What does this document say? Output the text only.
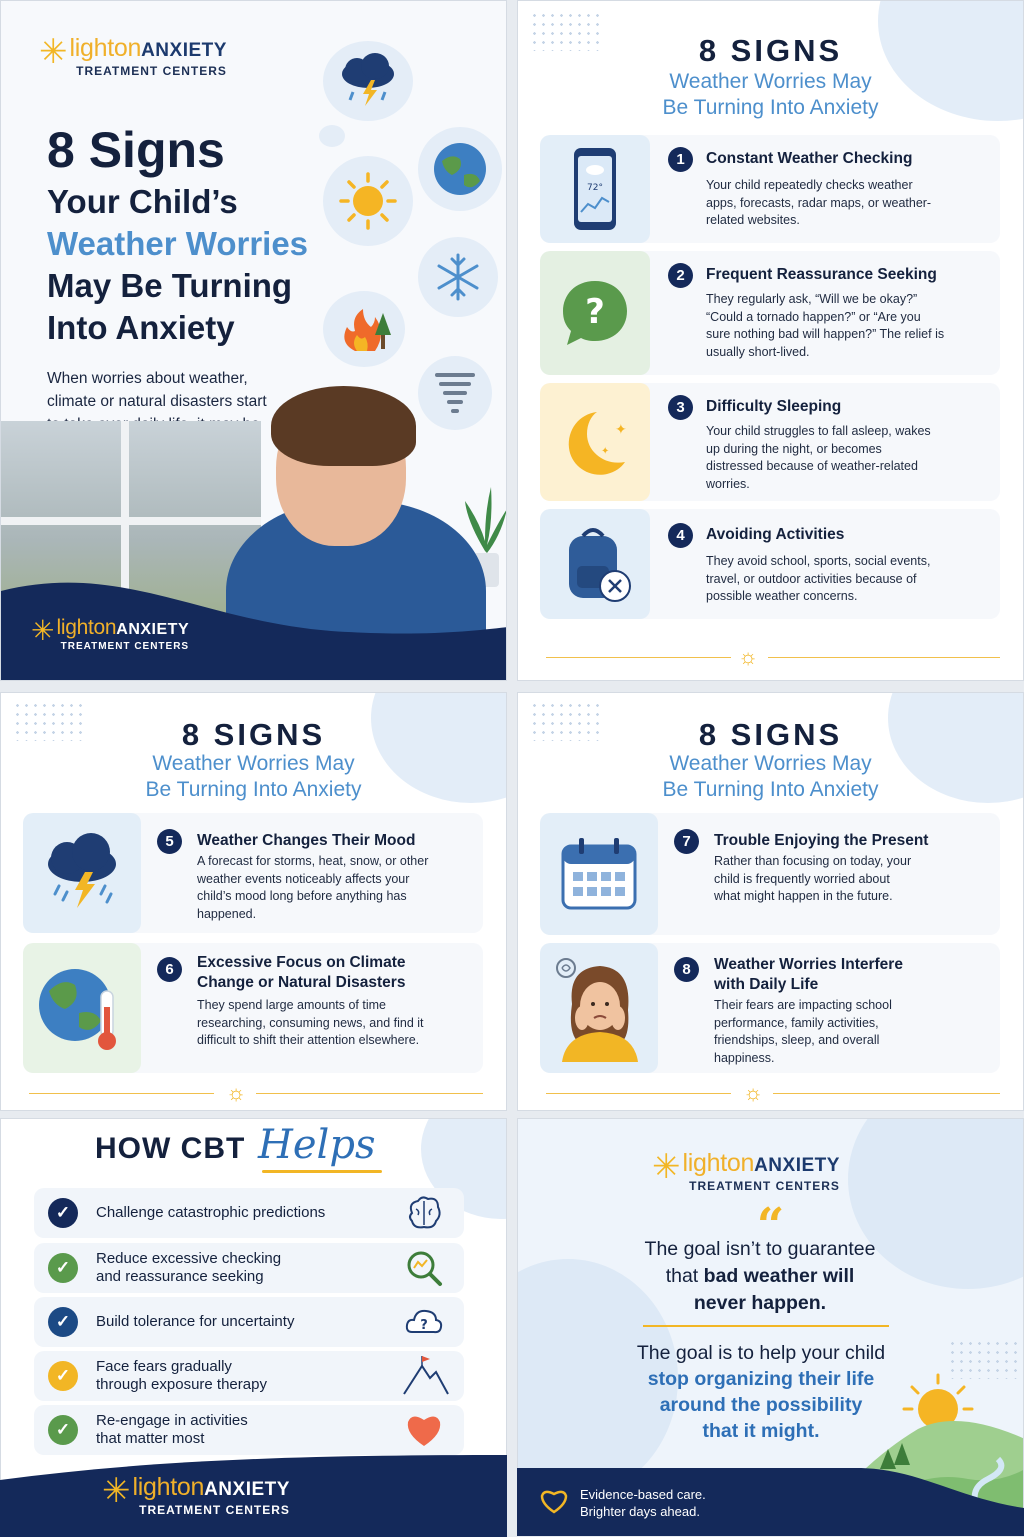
✳ lightonANXIETY
TREATMENT CENTERS
8 Signs
Your Child’s
Weather Worries
May Be Turning
Into Anxiety
When worries about weather, climate or natural disasters start
✳ lightonANXIETY
TREATMENT CENTERS
8 SIGNS
Weather Worries May
Be Turning Into Anxiety
72°
1	Constant Weather Checking
Your child repeatedly checks weather apps, forecasts, radar maps, or weather-related websites.
?
2	Frequent Reassurance Seeking
They regularly ask, “Will we be okay?” “Could a tornado happen?” or “Are you sure nothing bad will happen?” The relief is usually short-lived.
✦
✦
3	Difficulty Sleeping
Your child struggles to fall asleep, wakes up during the night, or becomes distressed because of weather-related worries.
4	Avoiding Activities
They avoid school, sports, social events, travel, or outdoor activities because of possible weather concerns.
☼
8 SIGNS
Weather Worries May
Be Turning Into Anxiety
5	Weather Changes Their Mood
A forecast for storms, heat, snow, or other weather events noticeably affects your child’s mood long before anything has happened.
6	Excessive Focus on Climate
Change or Natural Disasters
They spend large amounts of time researching, consuming news, and find it difficult to shift their attention elsewhere.
☼
8 SIGNS
Weather Worries May
Be Turning Into Anxiety
7	Trouble Enjoying the Present
Rather than focusing on today, your child is frequently worried about what might happen in the future.
8	Weather Worries Interfere
with Daily Life
Their fears are impacting school performance, family activities, friendships, sleep, and overall happiness.
☼
HOW CBT Helps
✓	Challenge catastrophic predictions
✓	Reduce excessive checking
and reassurance seeking
✓	Build tolerance for uncertainty	?
✓	Face fears gradually
through exposure therapy
✓	Re-engage in activities
that matter most
✳ lightonANXIETY
TREATMENT CENTERS
✳ lightonANXIETY
TREATMENT CENTERS
“
The goal isn’t to guarantee
that bad weather will
never happen.
The goal is to help your child
stop organizing their life
around the possibility
that it might.
Evidence-based care.
Brighter days ahead.
